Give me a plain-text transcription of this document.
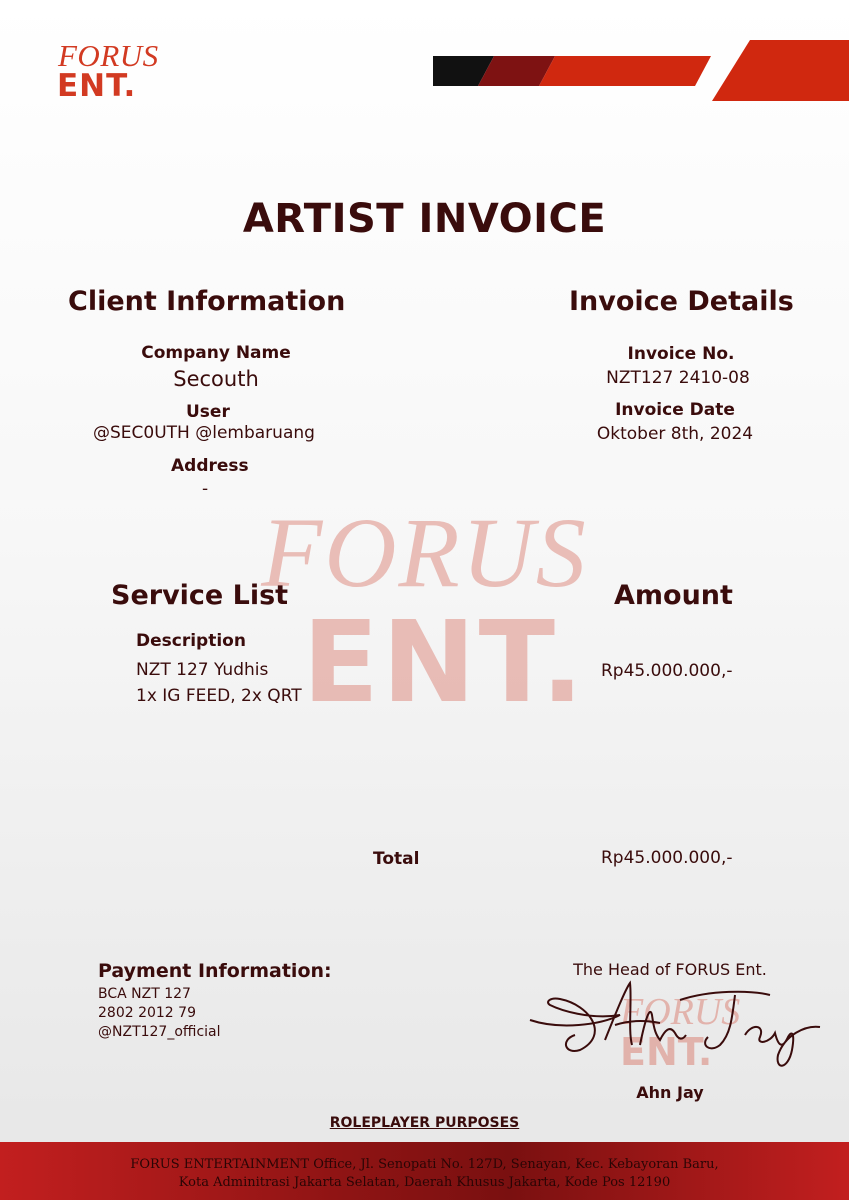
FORUS
ENT.
ARTIST INVOICE
Client Information
Company Name
Secouth
User
@SEC0UTH @lembaruang
Address
-
Invoice Details
Invoice No.
NZT127 2410-08
Invoice Date
Oktober 8th, 2024
FORUS
ENT.
Service List	Amount
Description
NZT 127 Yudhis
1x IG FEED, 2x QRT
Rp45.000.000,-
Total	Rp45.000.000,-
Payment Information:
BCA NZT 127
2802 2012 79
@NZT127_official
The Head of FORUS Ent.
FORUS
ENT.
Ahn Jay
ROLEPLAYER PURPOSES
FORUS ENTERTAINMENT Office, Jl. Senopati No. 127D, Senayan, Kec. Kebayoran Baru,
Kota Adminitrasi Jakarta Selatan, Daerah Khusus Jakarta, Kode Pos 12190
